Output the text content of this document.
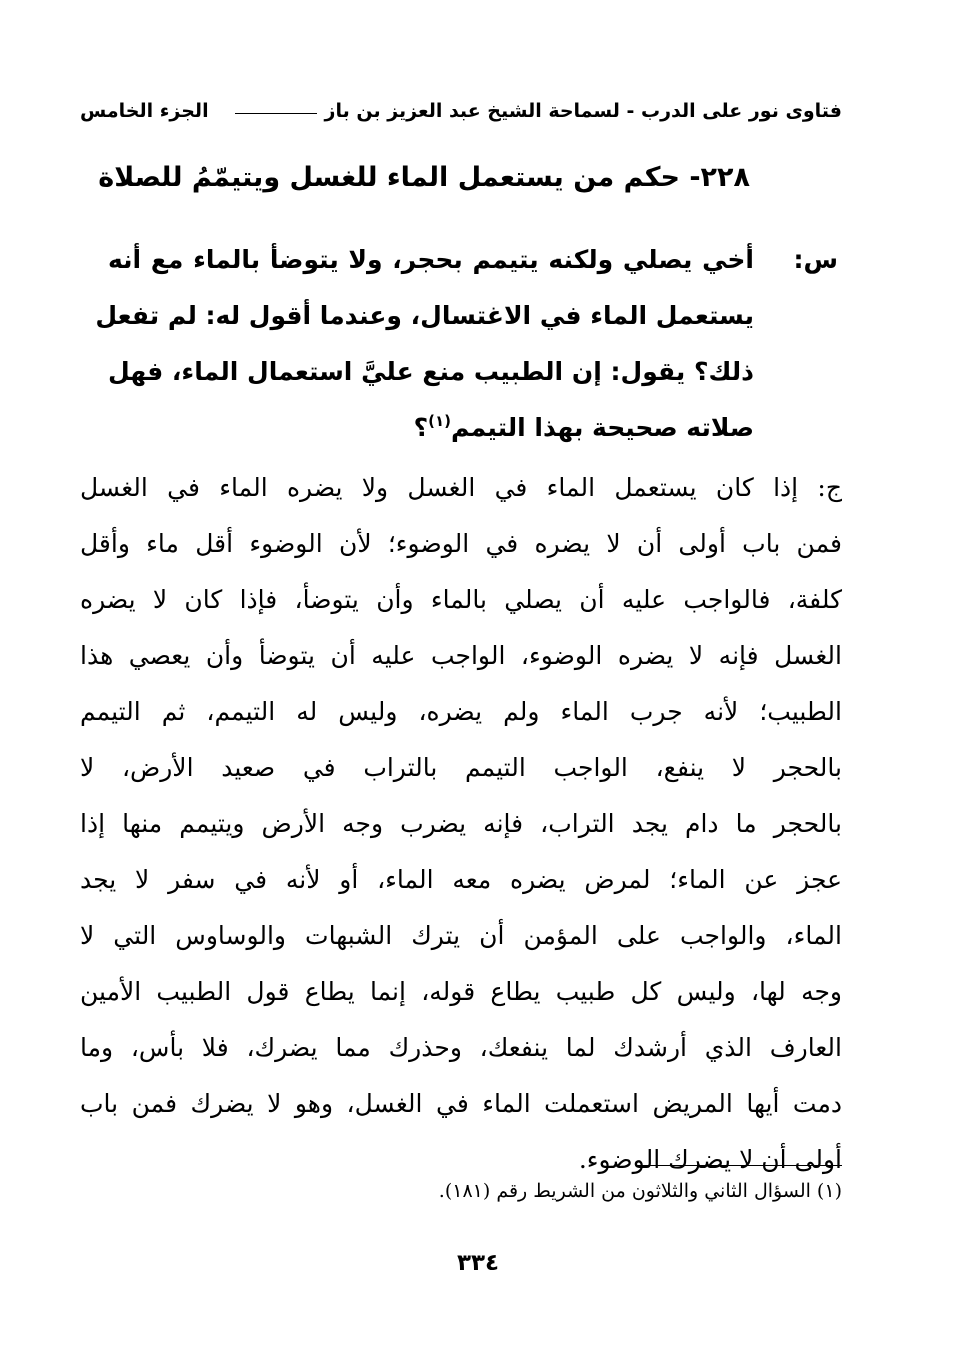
فتاوى نور على الدرب - لسماحة الشيخ عبد العزيز بن باز
الجزء الخامس
٢٢٨- حكم من يستعمل الماء للغسل ويتيمّمُ للصلاة
س:
أخي يصلي ولكنه يتيمم بحجر، ولا يتوضأ بالماء مع أنه
يستعمل الماء في الاغتسال، وعندما أقول له: لم تفعل
ذلك؟ يقول: إن الطبيب منع عليَّ استعمال الماء، فهل
صلاته صحيحة بهذا التيمم$^{(١)}$؟
ج: إذا كان يستعمل الماء في الغسل ولا يضره الماء في الغسل
فمن باب أولى أن لا يضره في الوضوء؛ لأن الوضوء أقل ماء وأقل
كلفة، فالواجب عليه أن يصلي بالماء وأن يتوضأ، فإذا كان لا يضره
الغسل فإنه لا يضره الوضوء، الواجب عليه أن يتوضأ وأن يعصي هذا
الطبيب؛ لأنه جرب الماء ولم يضره، وليس له التيمم، ثم التيمم
بالحجر لا ينفع، الواجب التيمم بالتراب في صعيد الأرض، لا
بالحجر ما دام يجد التراب، فإنه يضرب وجه الأرض ويتيمم منها إذا
عجز عن الماء؛ لمرض يضره معه الماء، أو لأنه في سفر لا يجد
الماء، والواجب على المؤمن أن يترك الشبهات والوساوس التي لا
وجه لها، وليس كل طبيب يطاع قوله، إنما يطاع قول الطبيب الأمين
العارف الذي أرشدك لما ينفعك، وحذرك مما يضرك، فلا بأس، وما
دمت أيها المريض استعملت الماء في الغسل، وهو لا يضرك فمن باب
أولى أن لا يضرك الوضوء.
(١) السؤال الثاني والثلاثون من الشريط رقم (١٨١).
٣٣٤
